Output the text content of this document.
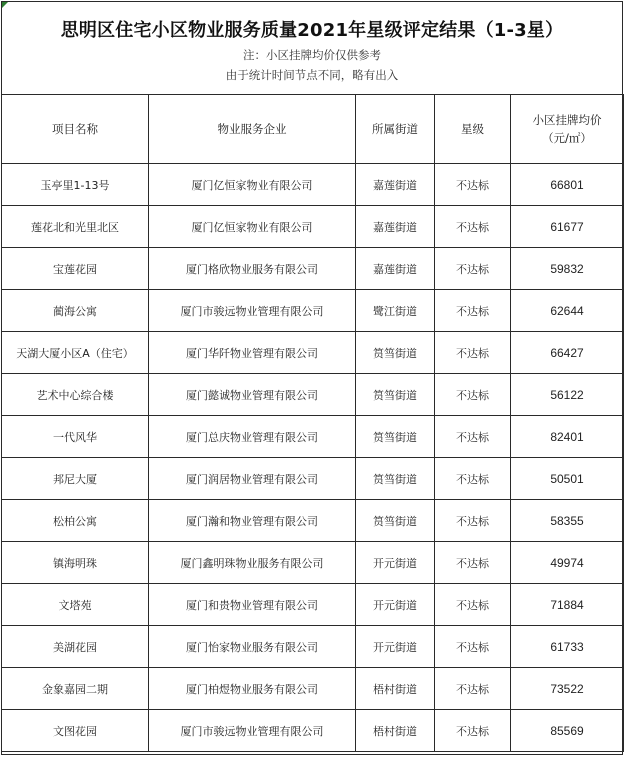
思明区住宅小区物业服务质量2021年星级评定结果（1-3星）
注：小区挂牌均价仅供参考
由于统计时间节点不同，略有出入
项目名称	物业服务企业	所属街道	星级	小区挂牌均价
（元/㎡）

玉亭里1-13号	厦门亿恒家物业有限公司	嘉莲街道	不达标	66801
莲花北和光里北区	厦门亿恒家物业有限公司	嘉莲街道	不达标	61677
宝莲花园	厦门格欣物业服务有限公司	嘉莲街道	不达标	59832
蔺海公寓	厦门市骏远物业管理有限公司	鹭江街道	不达标	62644
天湖大厦小区A（住宅）	厦门华阡物业管理有限公司	筼筜街道	不达标	66427
艺术中心综合楼	厦门懿诚物业管理有限公司	筼筜街道	不达标	56122
一代风华	厦门总庆物业管理有限公司	筼筜街道	不达标	82401
邦尼大厦	厦门润居物业管理有限公司	筼筜街道	不达标	50501
松柏公寓	厦门瀚和物业管理有限公司	筼筜街道	不达标	58355
镇海明珠	厦门鑫明珠物业服务有限公司	开元街道	不达标	49974
文塔苑	厦门和贵物业管理有限公司	开元街道	不达标	71884
美湖花园	厦门怡家物业服务有限公司	开元街道	不达标	61733
金象嘉园二期	厦门柏煜物业服务有限公司	梧村街道	不达标	73522
文图花园	厦门市骏远物业管理有限公司	梧村街道	不达标	85569
